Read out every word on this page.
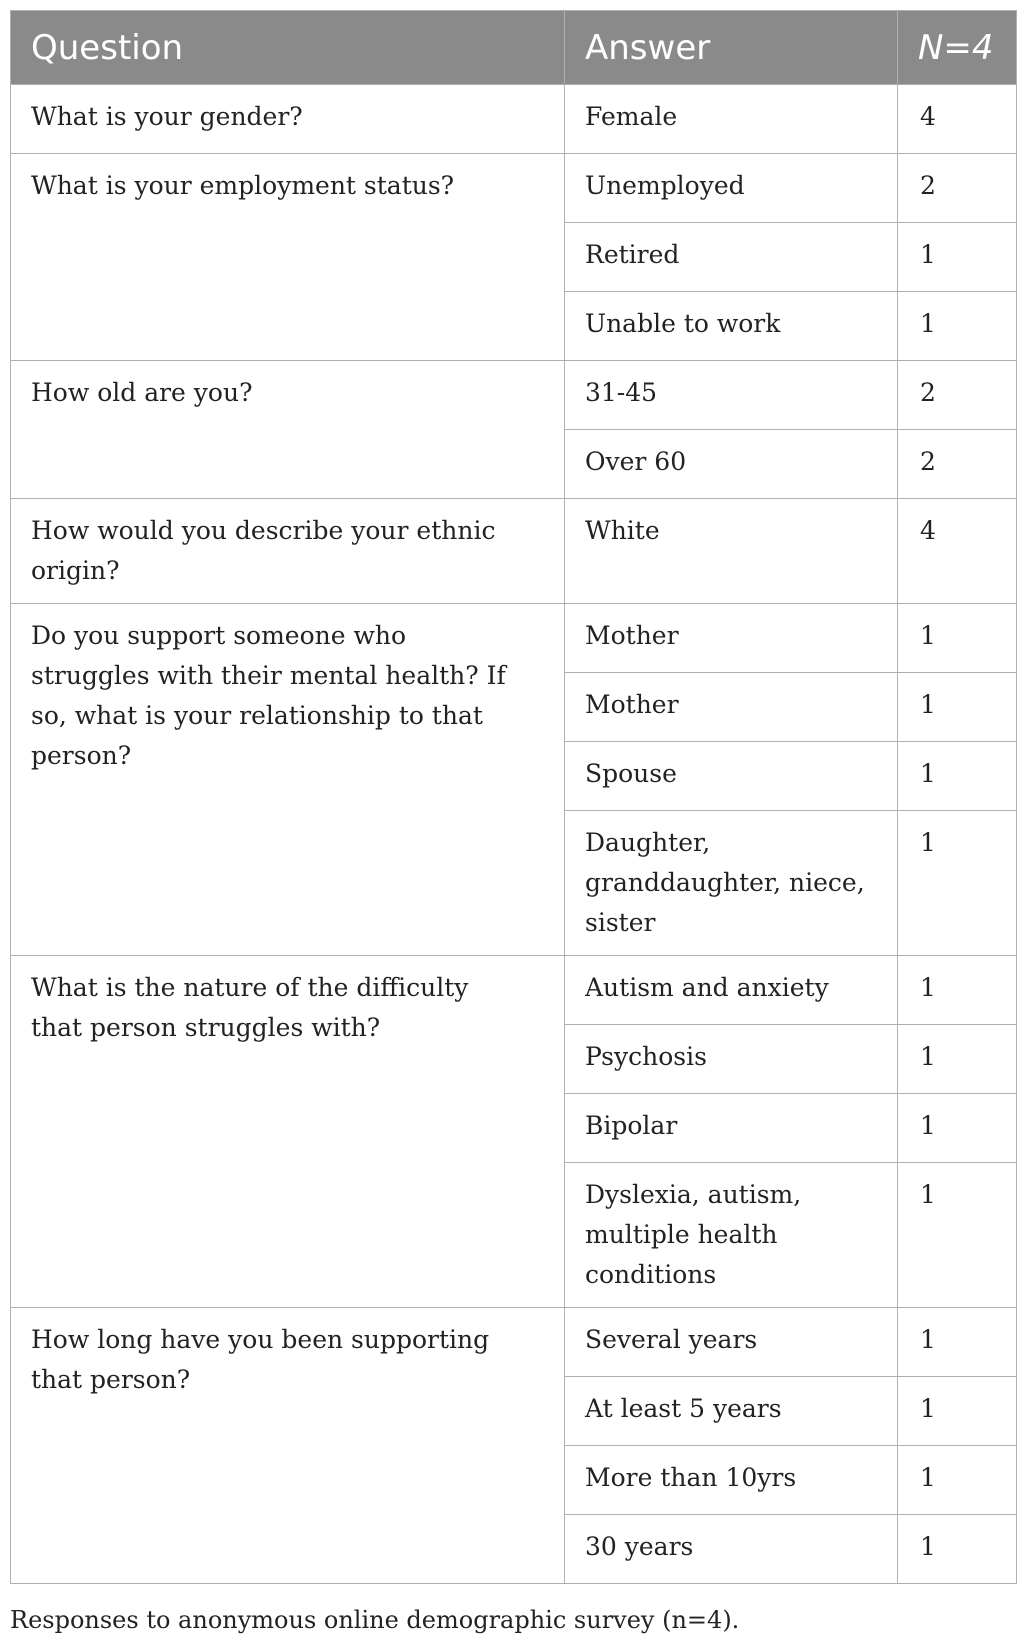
Question	Answer	N=4
What is your gender?	Female	4
What is your employment status?	Unemployed	2
	Retired	1
	Unable to work	1
How old are you?	31-45	2
	Over 60	2
How would you describe your ethnic origin?	White	4
Do you support someone who struggles with their mental health? If so, what is your relationship to that person?	Mother	1
	Mother	1
	Spouse	1
	Daughter, granddaughter, niece, sister	1
What is the nature of the difficulty that person struggles with?	Autism and anxiety	1
	Psychosis	1
	Bipolar	1
	Dyslexia, autism, multiple health conditions	1
How long have you been supporting that person?	Several years	1
	At least 5 years	1
	More than 10yrs	1
	30 years	1
Responses to anonymous online demographic survey (n=4).
